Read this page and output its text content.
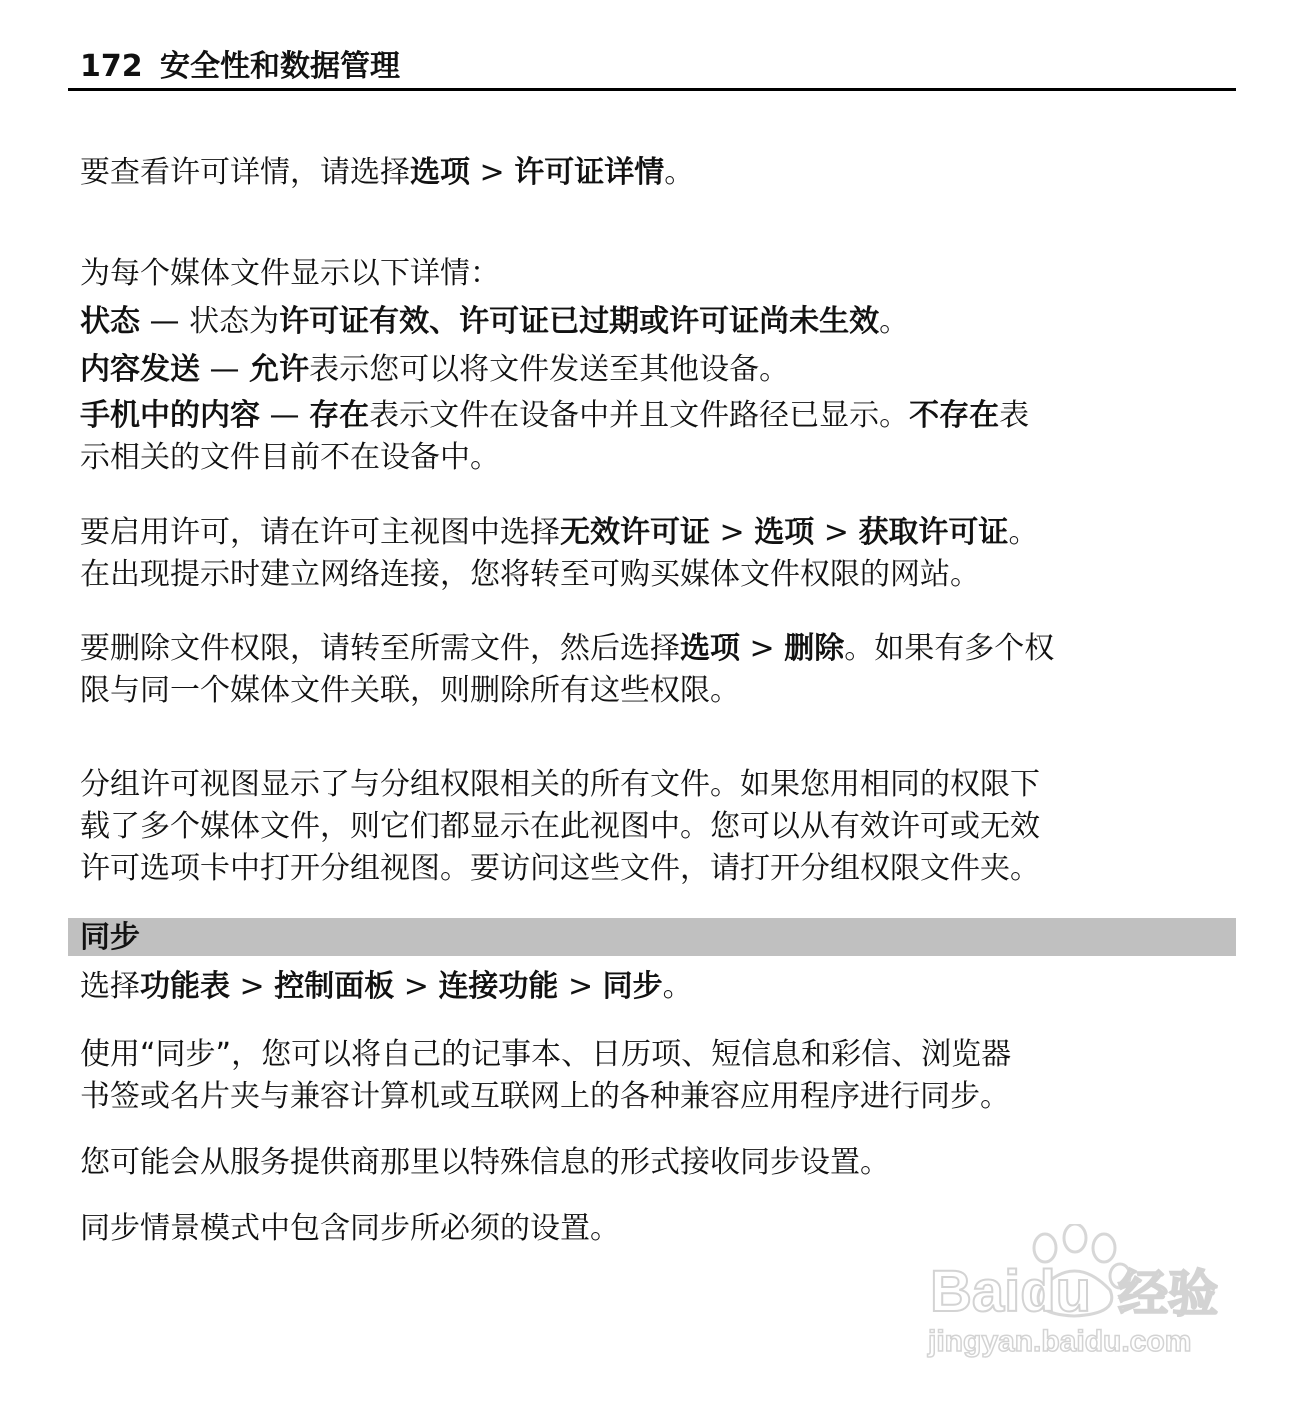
172 安全性和数据管理
要查看许可详情，请选择选项 > 许可证详情。
为每个媒体文件显示以下详情：
状态 — 状态为许可证有效、许可证已过期或许可证尚未生效。
内容发送 — 允许表示您可以将文件发送至其他设备。
手机中的内容 — 存在表示文件在设备中并且文件路径已显示。不存在表
示相关的文件目前不在设备中。
要启用许可，请在许可主视图中选择无效许可证 > 选项 > 获取许可证。
在出现提示时建立网络连接，您将转至可购买媒体文件权限的网站。
要删除文件权限，请转至所需文件，然后选择选项 > 删除。如果有多个权
限与同一个媒体文件关联，则删除所有这些权限。
分组许可视图显示了与分组权限相关的所有文件。如果您用相同的权限下
载了多个媒体文件，则它们都显示在此视图中。您可以从有效许可或无效
许可选项卡中打开分组视图。要访问这些文件，请打开分组权限文件夹。
同步
选择功能表 > 控制面板 > 连接功能 > 同步。
使用“同步”，您可以将自己的记事本、日历项、短信息和彩信、浏览器
书签或名片夹与兼容计算机或互联网上的各种兼容应用程序进行同步。
您可能会从服务提供商那里以特殊信息的形式接收同步设置。
同步情景模式中包含同步所必须的设置。
Baidu 经验
jingyan.baidu.com
